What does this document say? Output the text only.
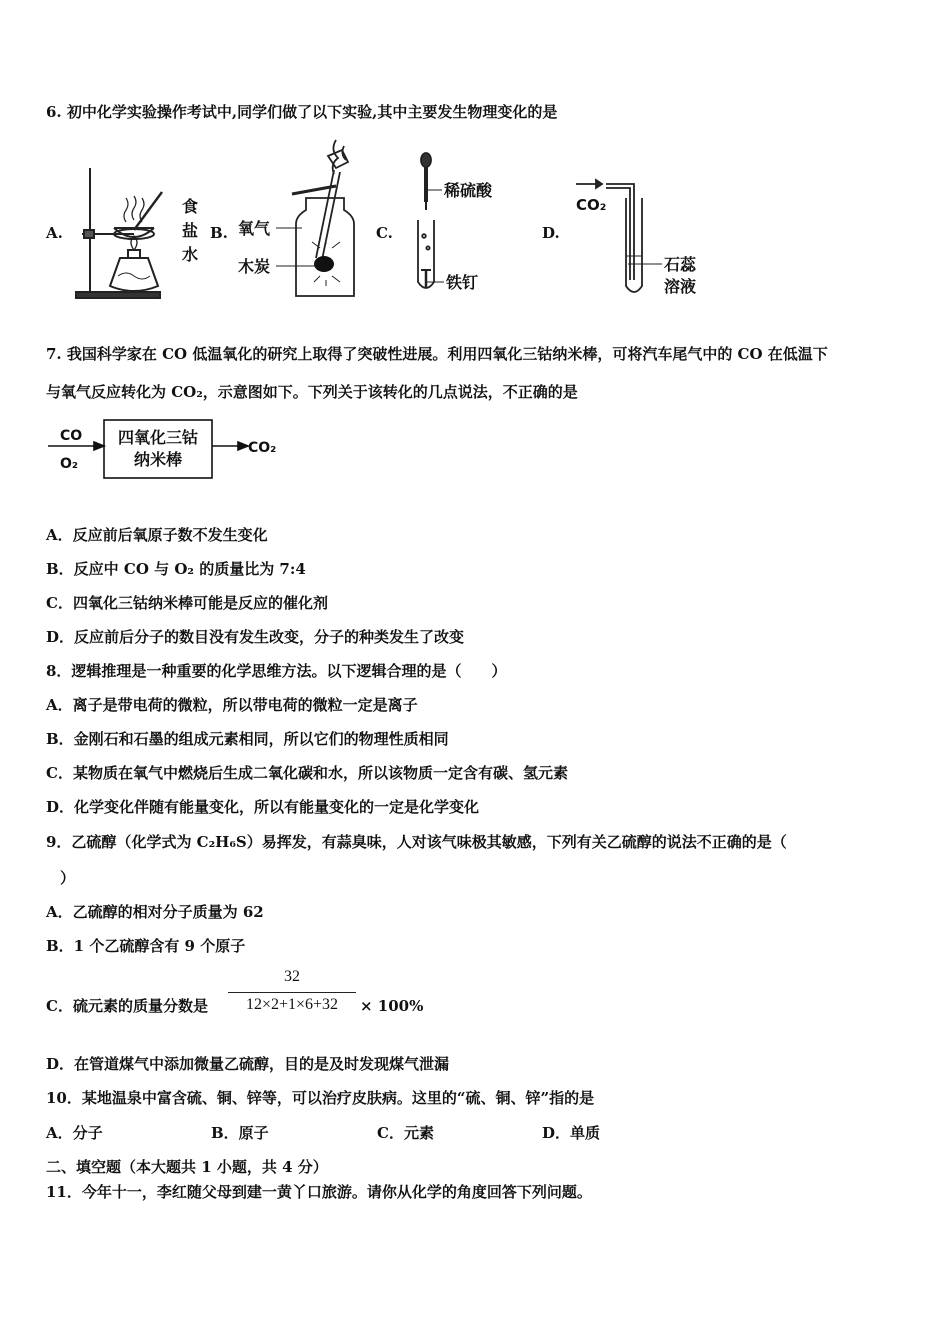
6. 初中化学实验操作考试中,同学们做了以下实验,其中主要发生物理变化的是
A.	B.	C.	D.
食
盐
水
氧气
木炭
稀硫酸
铁钉
CO₂
石蕊
溶液
7. 我国科学家在 CO 低温氧化的研究上取得了突破性进展。利用四氧化三钴纳米棒，可将汽车尾气中的 CO 在低温下
与氧气反应转化为 CO₂，示意图如下。下列关于该转化的几点说法，不正确的是
CO
O₂
四氧化三钴
纳米棒
CO₂
A．反应前后氧原子数不发生变化
B．反应中 CO 与 O₂ 的质量比为 7:4
C．四氧化三钴纳米棒可能是反应的催化剂
D．反应前后分子的数目没有发生改变，分子的种类发生了改变
8．逻辑推理是一种重要的化学思维方法。以下逻辑合理的是（　　）
A．离子是带电荷的微粒，所以带电荷的微粒一定是离子
B．金刚石和石墨的组成元素相同，所以它们的物理性质相同
C．某物质在氧气中燃烧后生成二氧化碳和水，所以该物质一定含有碳、氢元素
D．化学变化伴随有能量变化，所以有能量变化的一定是化学变化
9．乙硫醇（化学式为 C₂H₆S）易挥发，有蒜臭味，人对该气味极其敏感，下列有关乙硫醇的说法不正确的是（
）
A．乙硫醇的相对分子质量为 62
B．1 个乙硫醇含有 9 个原子
C．硫元素的质量分数是
32
12×2+1×6+32	× 100%
D．在管道煤气中添加微量乙硫醇，目的是及时发现煤气泄漏
10．某地温泉中富含硫、铜、锌等，可以治疗皮肤病。这里的“硫、铜、锌”指的是
A．分子	B．原子	C．元素	D．单质
二、填空题（本大题共 1 小题，共 4 分）
11．今年十一，李红随父母到建一黄丫口旅游。请你从化学的角度回答下列问题。
